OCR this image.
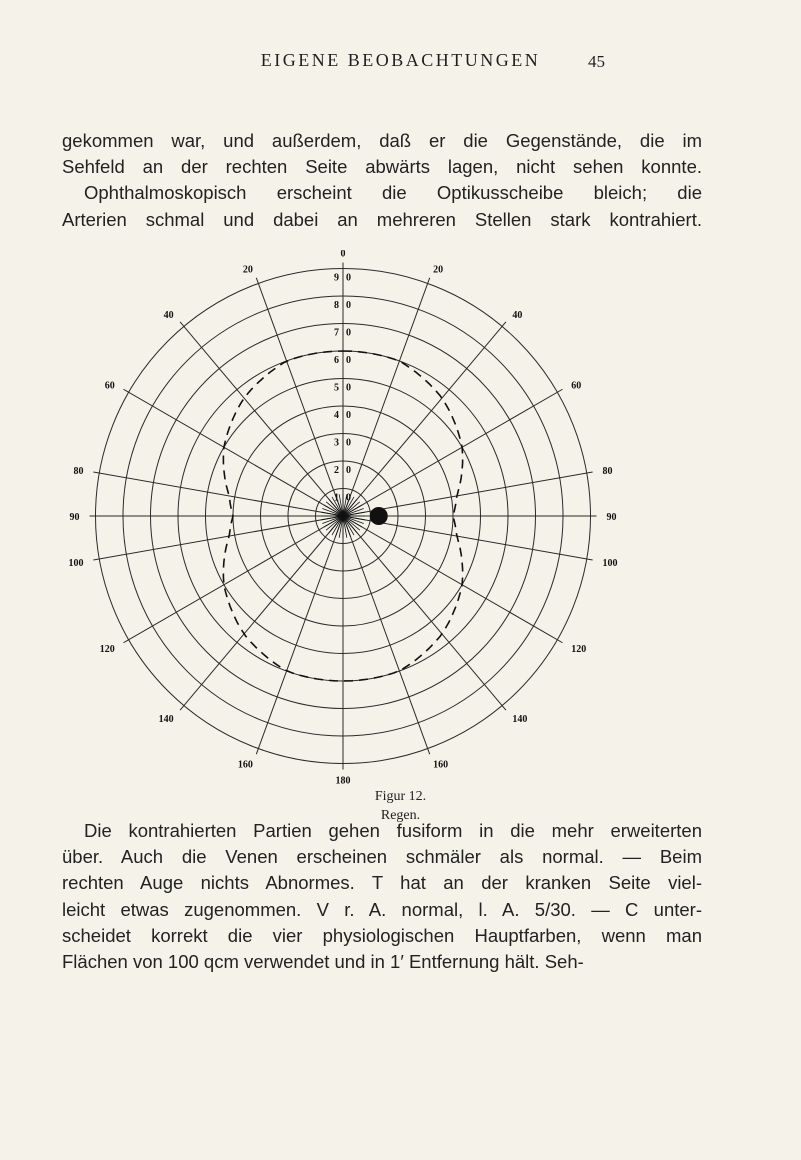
EIGENE BEOBACHTUNGEN	45
gekommen war, und außerdem, daß er die Gegenstände, die im
Sehfeld an der rechten Seite abwärts lagen, nicht sehen konnte.
Ophthalmoskopisch erscheint die Optikusscheibe bleich; die
Arterien schmal und dabei an mehreren Stellen stark kontrahiert.
9 0
8 0
7 0
6 0
5 0
4 0
3 0
2 0
1 0
0
20
40
60
80
90
100
120
140
160
180
160
140
120
100
90
80
60
40
20
Figur 12.
Regen.
Die kontrahierten Partien gehen fusiform in die mehr erweiterten
über. Auch die Venen erscheinen schmäler als normal. — Beim
rechten Auge nichts Abnormes. T hat an der kranken Seite viel-
leicht etwas zugenommen. V r. A. normal, l. A. 5/30. — C unter-
scheidet korrekt die vier physiologischen Hauptfarben, wenn man
Flächen von 100 qcm verwendet und in 1′ Entfernung hält. Seh-
